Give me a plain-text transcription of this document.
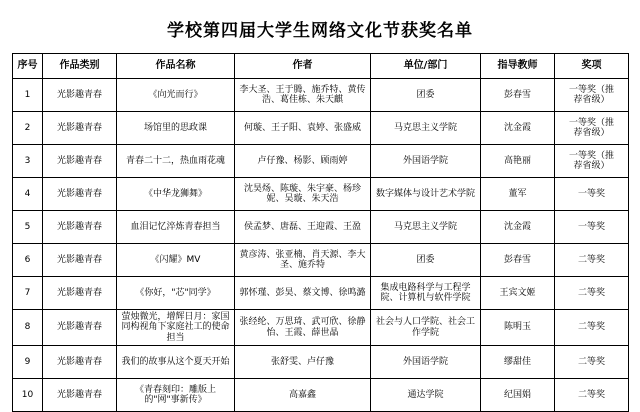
学校第四届大学生网络文化节获奖名单
序号	作品类别	作品名称	作者	单位/部门	指导教师	奖项
1	光影趣青春	《向光而行》	李大圣、王于腾、施乔特、黄传浩、葛佳栋、朱天麒	团委	彭春雪	一等奖（推
荐省级）

2	光影趣青春	场馆里的思政课	何璇、王子阳、袁婷、张盛威	马克思主义学院	沈金霞	一等奖（推
荐省级）

3	光影趣青春	青春二十二，热血雨花魂	卢仔豫、杨影、顾雨婷	外国语学院	高艳丽	一等奖（推
荐省级）

4	光影趣青春	《中华龙狮舞》	沈昊炀、陈璇、朱宇豪、杨珍妮、吴璇、朱天浩	数字媒体与设计艺术学院	董军	一等奖
5	光影趣青春	血泪记忆淬炼青春担当	侯孟梦、唐磊、王迎霞、王盈	马克思主义学院	沈金霞	一等奖
6	光影趣青春	《闪耀》MV	黄彦涛、张亚楠、肖天源、李大圣、施乔特	团委	彭春雪	二等奖
7	光影趣青春	《你好，"芯"同学》	郭怀瑾、彭昊、蔡文博、徐鸣潞	集成电路科学与工程学院、计算机与软件学院	王宾文姬	二等奖
8	光影趣青春	萤烛微光，增辉日月：家国同构视角下家庭社工的使命担当	张经纶、万思琦、武可欣、徐静怡、王霞、薛世晶	社会与人口学院、社会工作学院	陈明玉	二等奖
9	光影趣青春	我们的故事从这个夏天开始	张舒雯、卢仔豫	外国语学院	缪甜佳	二等奖
10	光影趣青春	《青春刻印：雕版上的"网"事新传》	高嘉鑫	通达学院	纪国娟	二等奖
